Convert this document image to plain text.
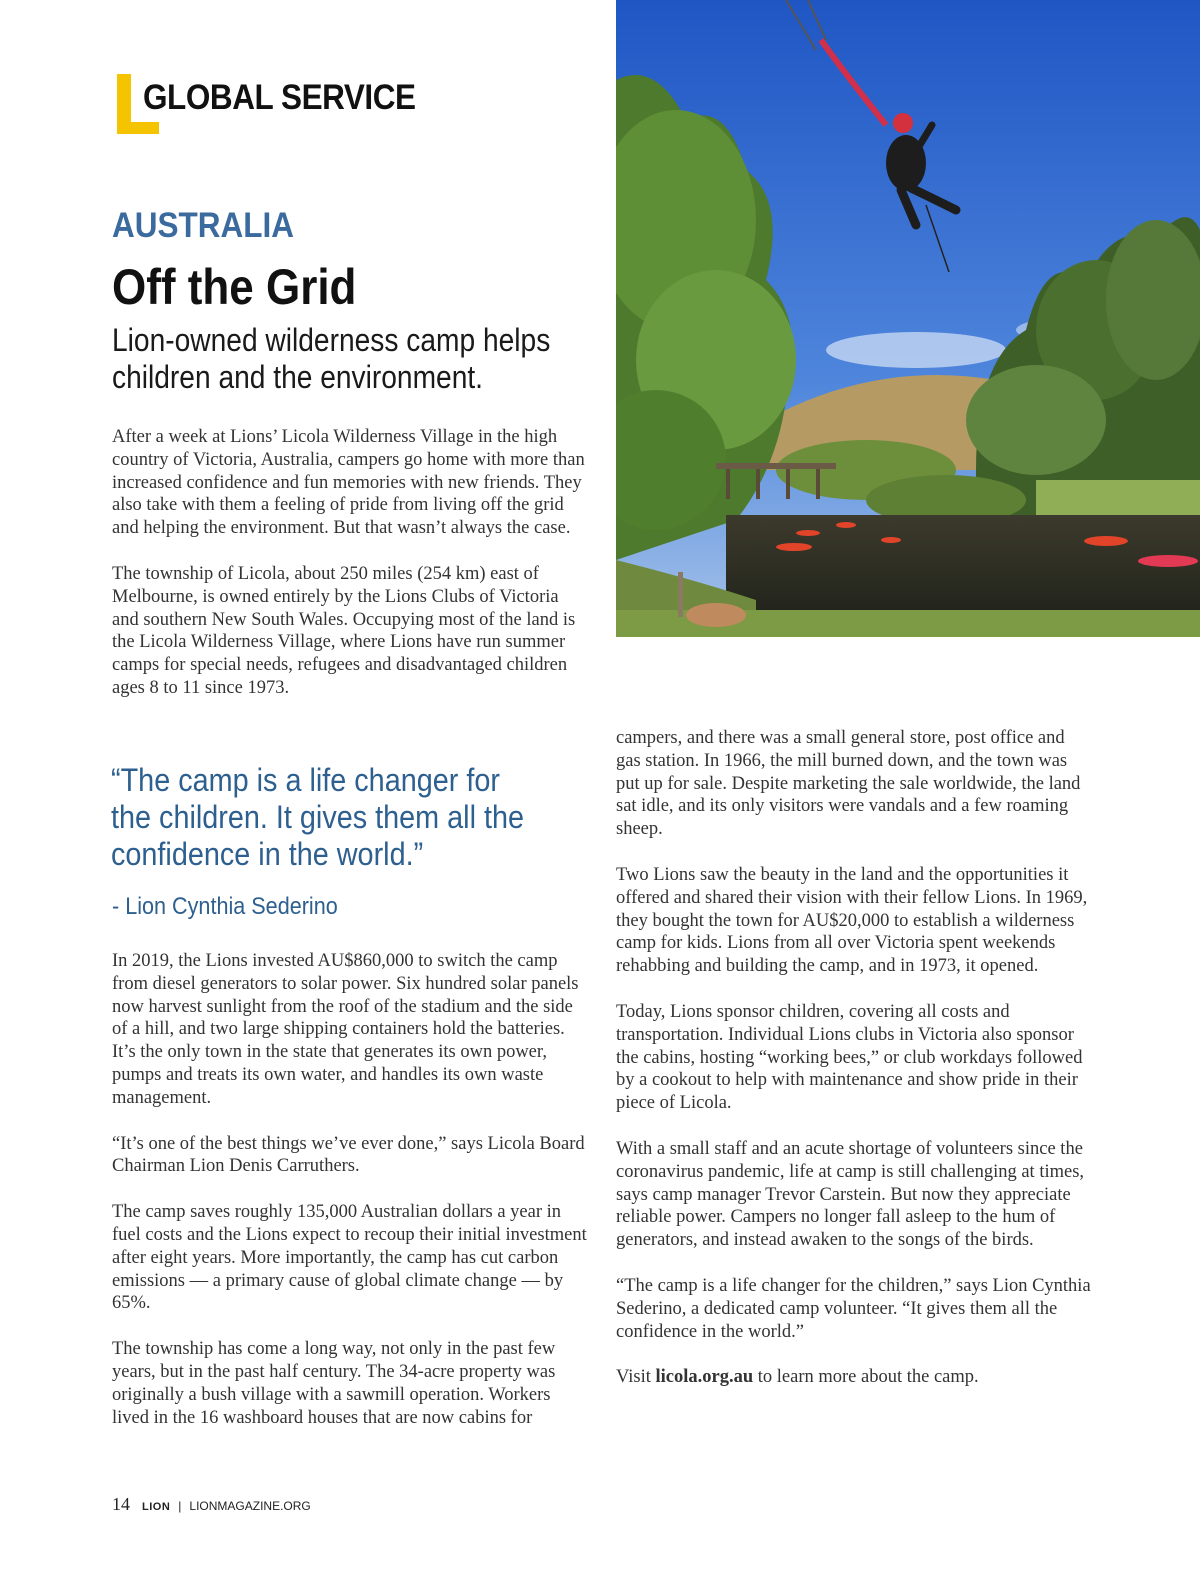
GLOBAL SERVICE
AUSTRALIA
Off the Grid
Lion-owned wilderness camp helps children and the environment.

After a week at Lions’ Licola Wilderness Village in the high country of Victoria, Australia, campers go home with more than increased confidence and fun memories with new friends. They also take with them a feeling of pride from living off the grid and helping the environment. But that wasn’t always the case.

The township of Licola, about 250 miles (254 km) east of Melbourne, is owned entirely by the Lions Clubs of Victoria and southern New South Wales. Occupying most of the land is the Licola Wilderness Village, where Lions have run summer camps for special needs, refugees and disadvantaged children ages 8 to 11 since 1973.

“The camp is a life changer for the children. It gives them all the confidence in the world.”
- Lion Cynthia Sederino

In 2019, the Lions invested AU$860,000 to switch the camp from diesel generators to solar power. Six hundred solar panels now harvest sunlight from the roof of the stadium and the side of a hill, and two large shipping containers hold the batteries. It’s the only town in the state that generates its own power, pumps and treats its own water, and handles its own waste management.

“It’s one of the best things we’ve ever done,” says Licola Board Chairman Lion Denis Carruthers.

The camp saves roughly 135,000 Australian dollars a year in fuel costs and the Lions expect to recoup their initial investment after eight years. More importantly, the camp has cut carbon emissions — a primary cause of global climate change — by 65%.

The township has come a long way, not only in the past few years, but in the past half century. The 34-acre property was originally a bush village with a sawmill operation. Workers lived in the 16 washboard houses that are now cabins for

campers, and there was a small general store, post office and gas station. In 1966, the mill burned down, and the town was put up for sale. Despite marketing the sale worldwide, the land sat idle, and its only visitors were vandals and a few roaming sheep.

Two Lions saw the beauty in the land and the opportunities it offered and shared their vision with their fellow Lions. In 1969, they bought the town for AU$20,000 to establish a wilderness camp for kids. Lions from all over Victoria spent weekends rehabbing and building the camp, and in 1973, it opened.

Today, Lions sponsor children, covering all costs and transportation. Individual Lions clubs in Victoria also sponsor the cabins, hosting “working bees,” or club workdays followed by a cookout to help with maintenance and show pride in their piece of Licola.

With a small staff and an acute shortage of volunteers since the coronavirus pandemic, life at camp is still challenging at times, says camp manager Trevor Carstein. But now they appreciate reliable power. Campers no longer fall asleep to the hum of generators, and instead awaken to the songs of the birds.

“The camp is a life changer for the children,” says Lion Cynthia Sederino, a dedicated camp volunteer. “It gives them all the confidence in the world.”

Visit licola.org.au to learn more about the camp.

14 LION | LIONMAGAZINE.ORG
